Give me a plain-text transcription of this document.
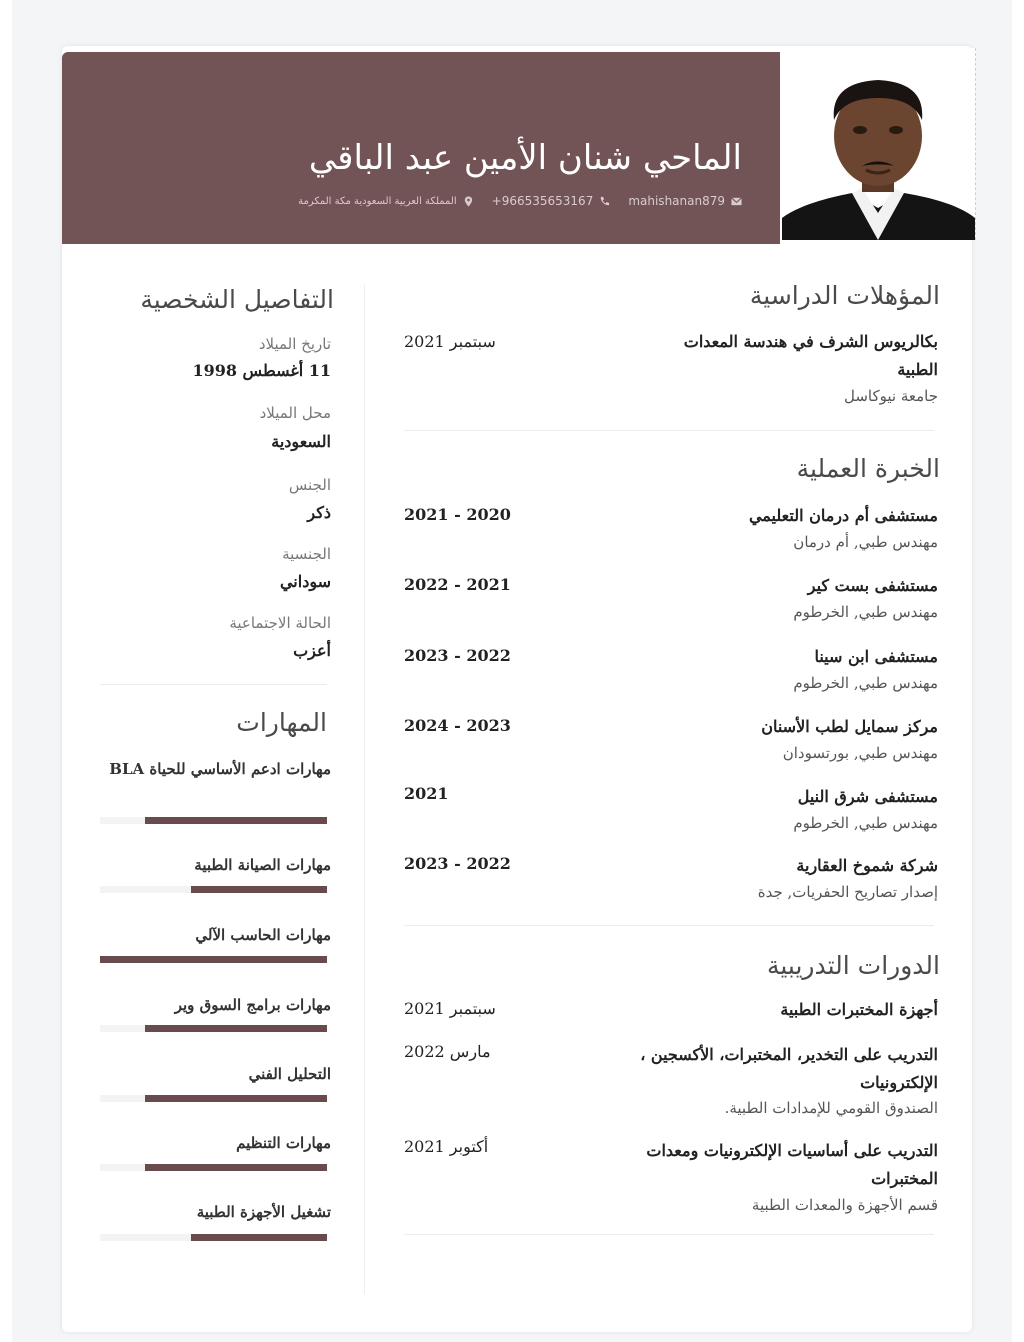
الماحي شنان الأمين عبد الباقي
mahishanan879
+966535653167
المملكة العربية السعودية مكة المكرمة
المؤهلات الدراسية
بكالريوس الشرف في هندسة المعدات الطبية
جامعة نيوكاسل
سبتمبر 2021
الخبرة العملية
مستشفى أم درمان التعليمي
مهندس طبي, أم درمان
2020 - 2021
مستشفى بست كير
مهندس طبي, الخرطوم
2021 - 2022
مستشفى ابن سينا
مهندس طبي, الخرطوم
2022 - 2023
مركز سمايل لطب الأسنان
مهندس طبي, بورتسودان
2023 - 2024
مستشفى شرق النيل
مهندس طبي, الخرطوم
2021
شركة شموخ العقارية
إصدار تصاريح الحفريات, جدة
2022 - 2023
الدورات التدريبية
أجهزة المختبرات الطبية
سبتمبر 2021
التدريب على التخدير، المختبرات، الأكسجين ، الإلكترونيات
الصندوق القومي للإمدادات الطبية.
مارس 2022
التدريب على أساسيات الإلكترونيات ومعدات المختبرات
قسم الأجهزة والمعدات الطبية
أكتوبر 2021
التفاصيل الشخصية
تاريخ الميلاد
11 أغسطس 1998
محل الميلاد
السعودية
الجنس
ذكر
الجنسية
سوداني
الحالة الاجتماعية
أعزب
المهارات
مهارات ادعم الأساسي للحياة BLA
مهارات الصيانة الطبية
مهارات الحاسب الآلي
مهارات برامج السوق وير
التحليل الفني
مهارات التنظيم
تشغيل الأجهزة الطبية
